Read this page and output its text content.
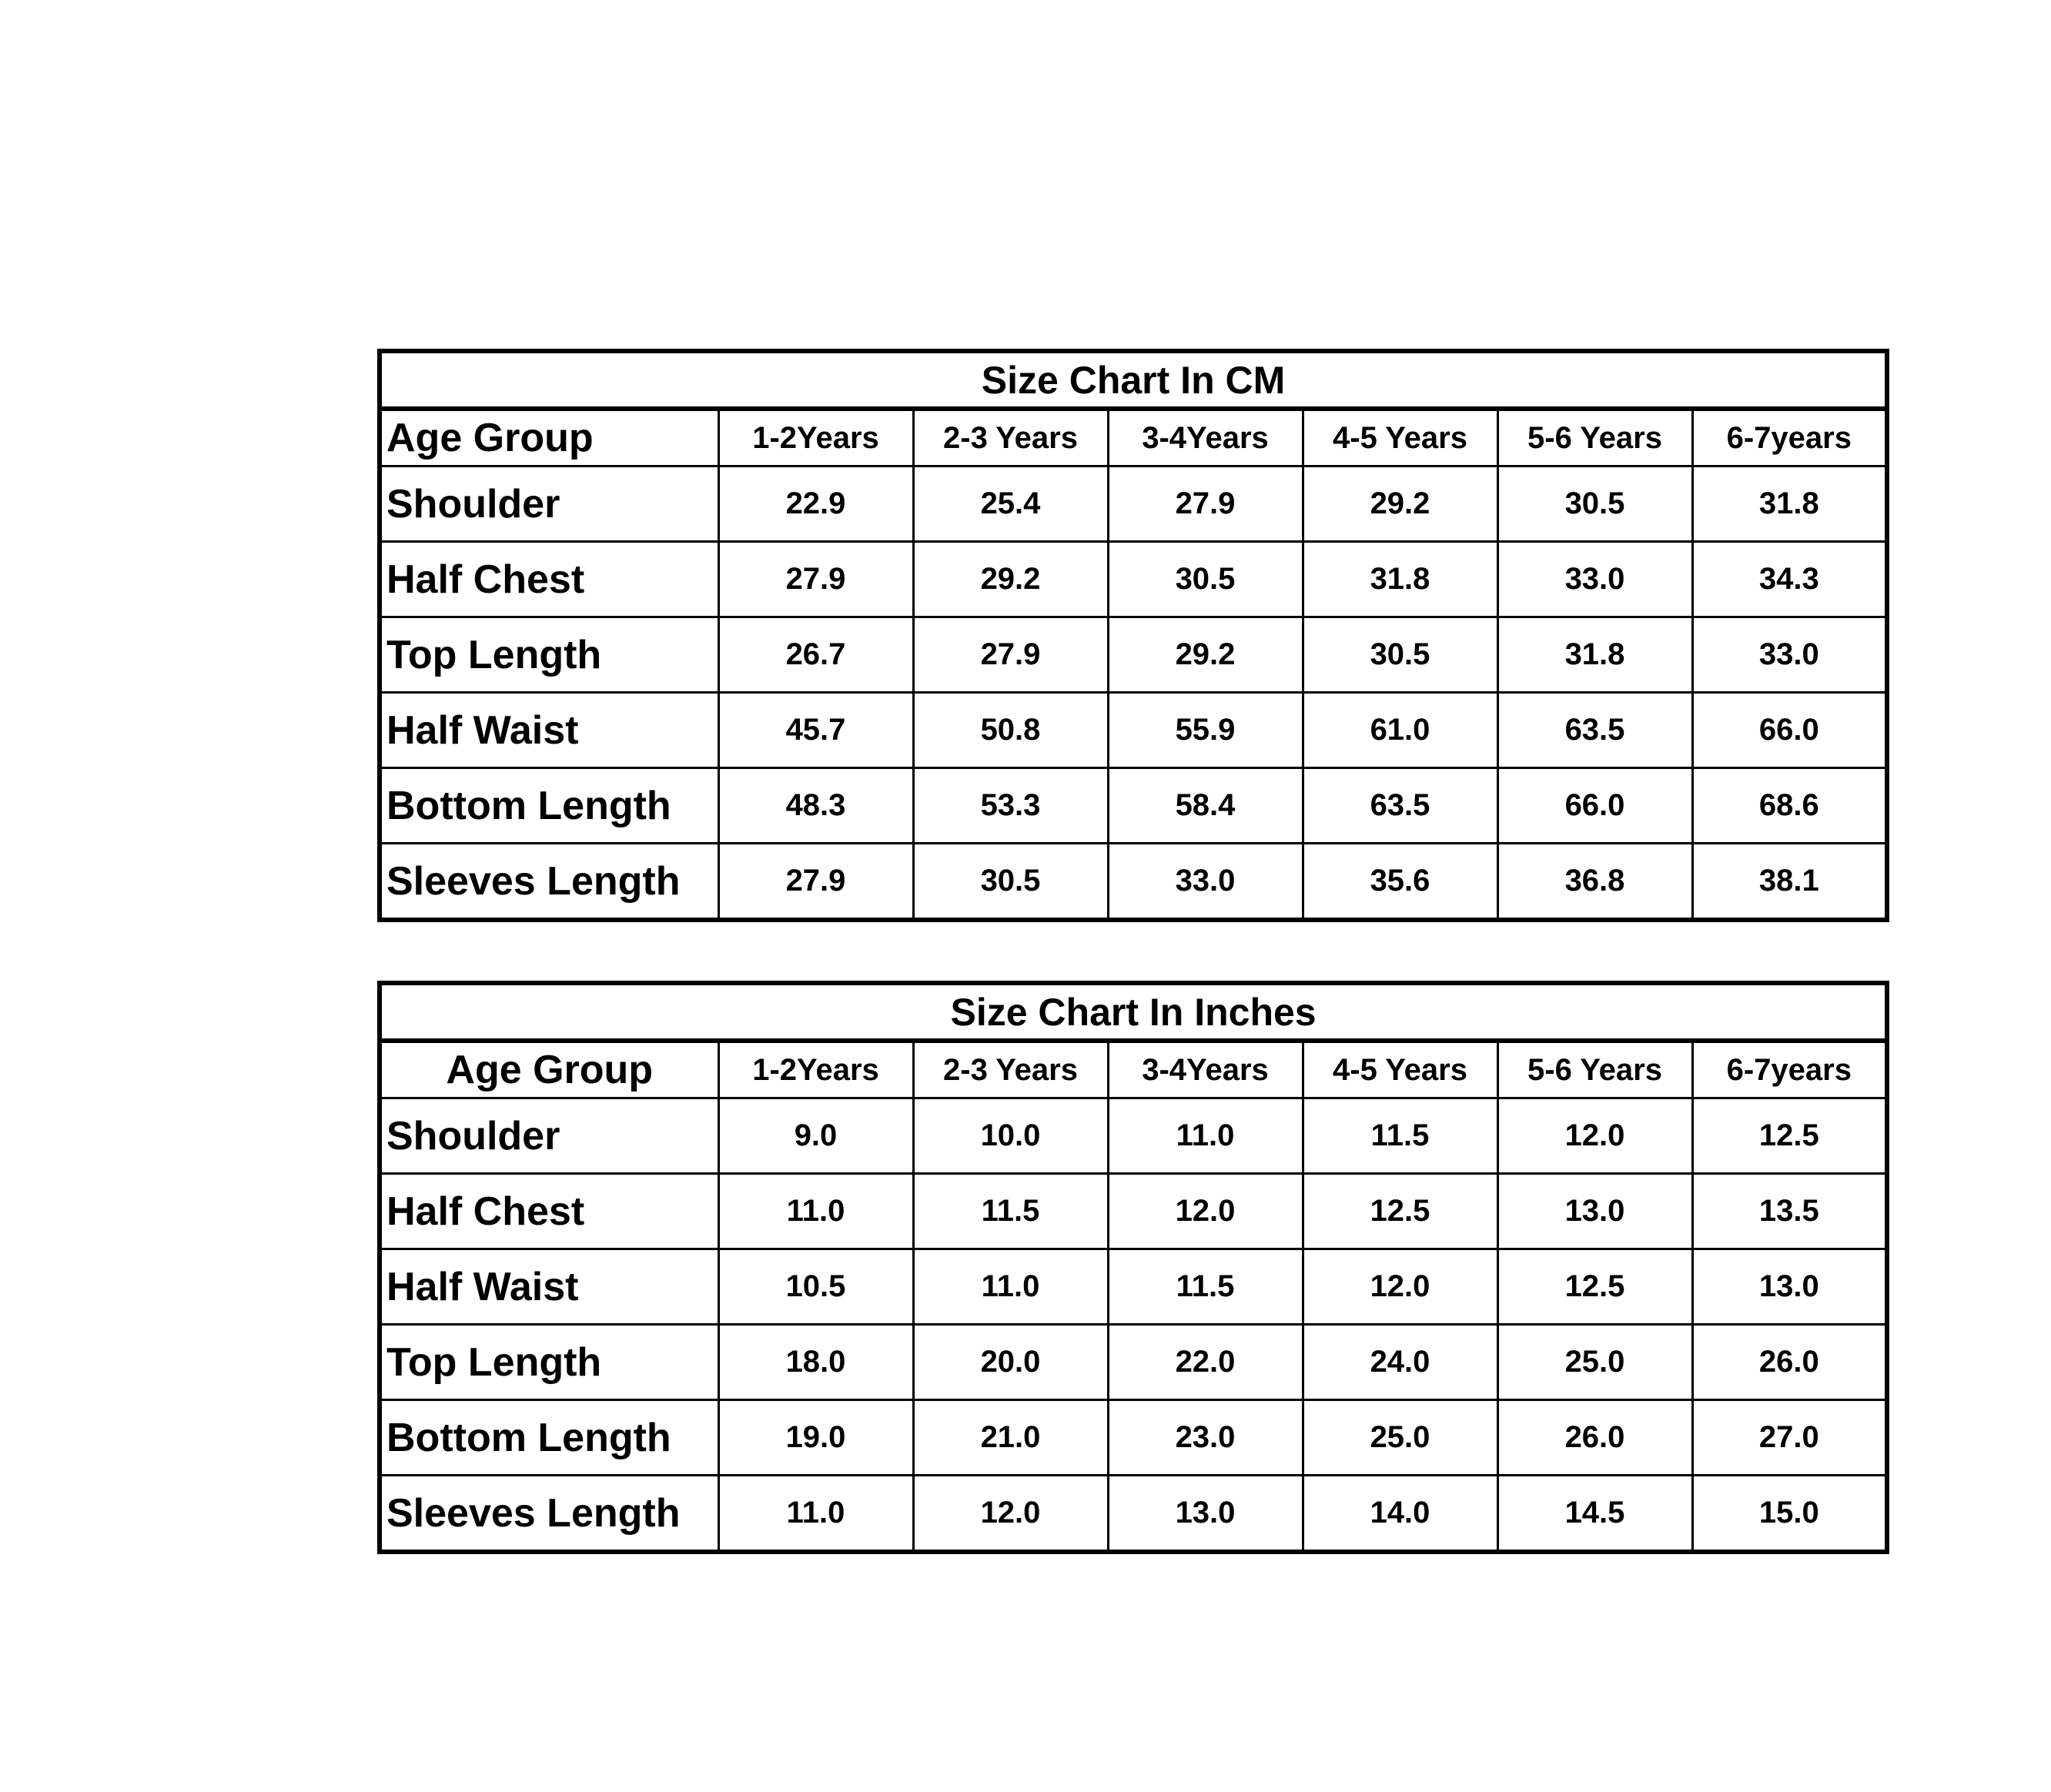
Size Chart In CM						
Age Group	1-2Years	2-3 Years	3-4Years	4-5 Years	5-6 Years	6-7years
Shoulder	22.9	25.4	27.9	29.2	30.5	31.8
Half Chest	27.9	29.2	30.5	31.8	33.0	34.3
Top Length	26.7	27.9	29.2	30.5	31.8	33.0
Half Waist	45.7	50.8	55.9	61.0	63.5	66.0
Bottom Length	48.3	53.3	58.4	63.5	66.0	68.6
Sleeves Length	27.9	30.5	33.0	35.6	36.8	38.1
Size Chart In Inches						
Age Group	1-2Years	2-3 Years	3-4Years	4-5 Years	5-6 Years	6-7years
Shoulder	9.0	10.0	11.0	11.5	12.0	12.5
Half Chest	11.0	11.5	12.0	12.5	13.0	13.5
Half Waist	10.5	11.0	11.5	12.0	12.5	13.0
Top Length	18.0	20.0	22.0	24.0	25.0	26.0
Bottom Length	19.0	21.0	23.0	25.0	26.0	27.0
Sleeves Length	11.0	12.0	13.0	14.0	14.5	15.0
